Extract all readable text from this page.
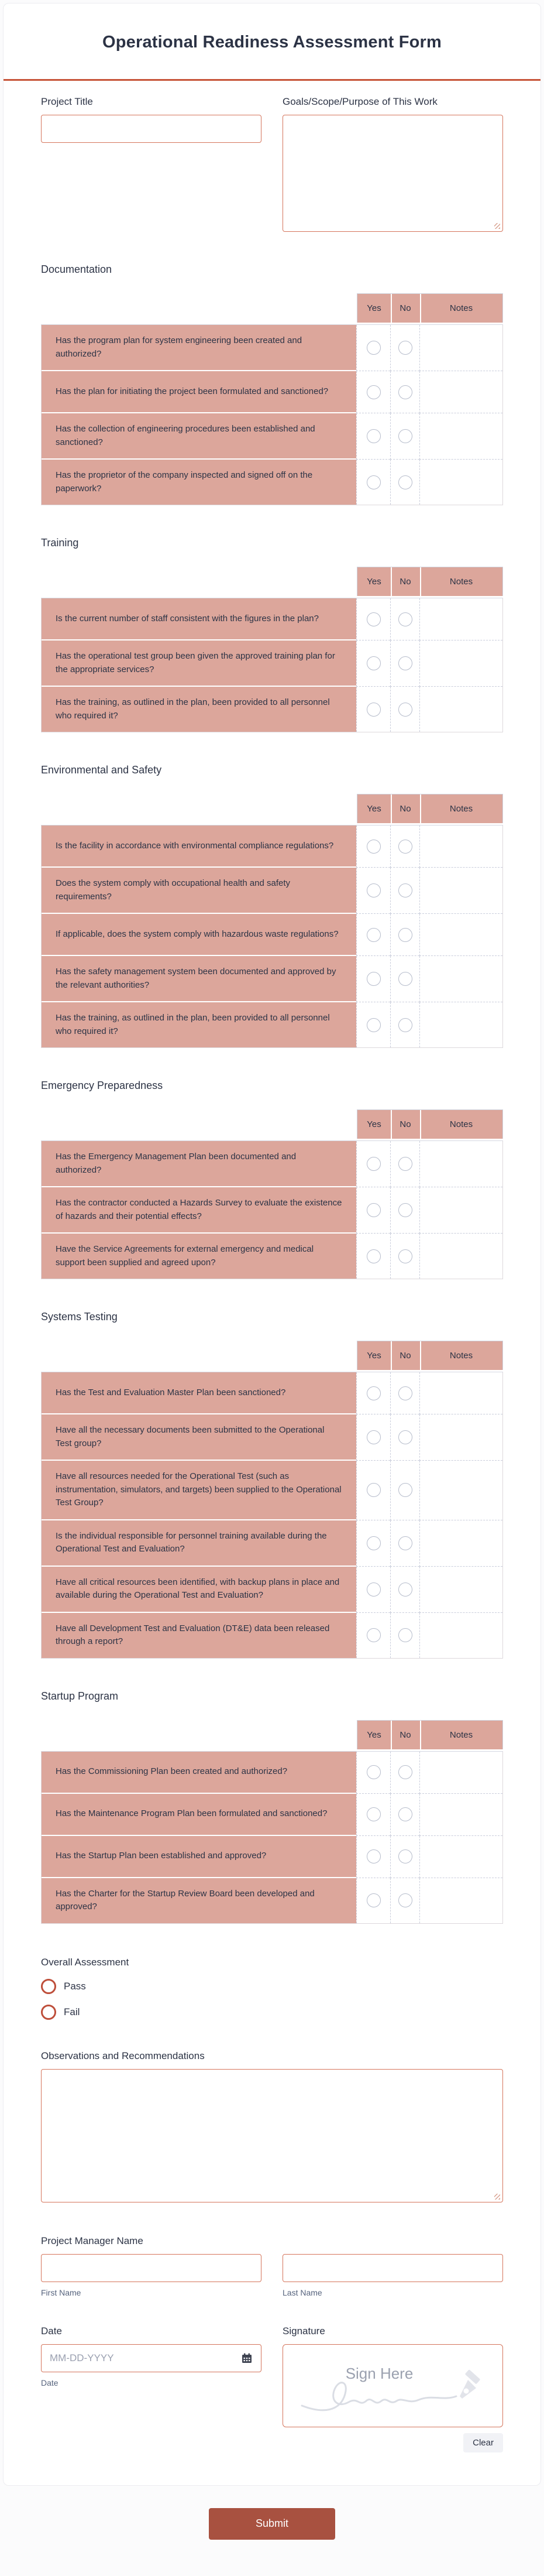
Operational Readiness Assessment Form
Project Title	Goals/Scope/Purpose of This Work
Documentation
Yes	No	Notes
Has the program plan for system engineering been created and authorized?
Has the plan for initiating the project been formulated and sanctioned?
Has the collection of engineering procedures been established and sanctioned?
Has the proprietor of the company inspected and signed off on the paperwork?
Training
Yes	No	Notes
Is the current number of staff consistent with the figures in the plan?
Has the operational test group been given the approved training plan for the appropriate services?
Has the training, as outlined in the plan, been provided to all personnel who required it?
Environmental and Safety
Yes	No	Notes
Is the facility in accordance with environmental compliance regulations?
Does the system comply with occupational health and safety requirements?
If applicable, does the system comply with hazardous waste regulations?
Has the safety management system been documented and approved by the relevant authorities?
Has the training, as outlined in the plan, been provided to all personnel who required it?
Emergency Preparedness
Yes	No	Notes
Has the Emergency Management Plan been documented and authorized?
Has the contractor conducted a Hazards Survey to evaluate the existence of hazards and their potential effects?
Have the Service Agreements for external emergency and medical support been supplied and agreed upon?
Systems Testing
Yes	No	Notes
Has the Test and Evaluation Master Plan been sanctioned?
Have all the necessary documents been submitted to the Operational Test group?
Have all resources needed for the Operational Test (such as instrumentation, simulators, and targets) been supplied to the Operational Test Group?
Is the individual responsible for personnel training available during the Operational Test and Evaluation?
Have all critical resources been identified, with backup plans in place and available during the Operational Test and Evaluation?
Have all Development Test and Evaluation (DT&E) data been released through a report?
Startup Program
Yes	No	Notes
Has the Commissioning Plan been created and authorized?
Has the Maintenance Program Plan been formulated and sanctioned?
Has the Startup Plan been established and approved?
Has the Charter for the Startup Review Board been developed and approved?
Overall Assessment
Pass
Fail
Observations and Recommendations
Project Manager Name
First Name	Last Name
Date
MM-DD-YYYY
Date
Signature
Sign Here
Clear
Submit
